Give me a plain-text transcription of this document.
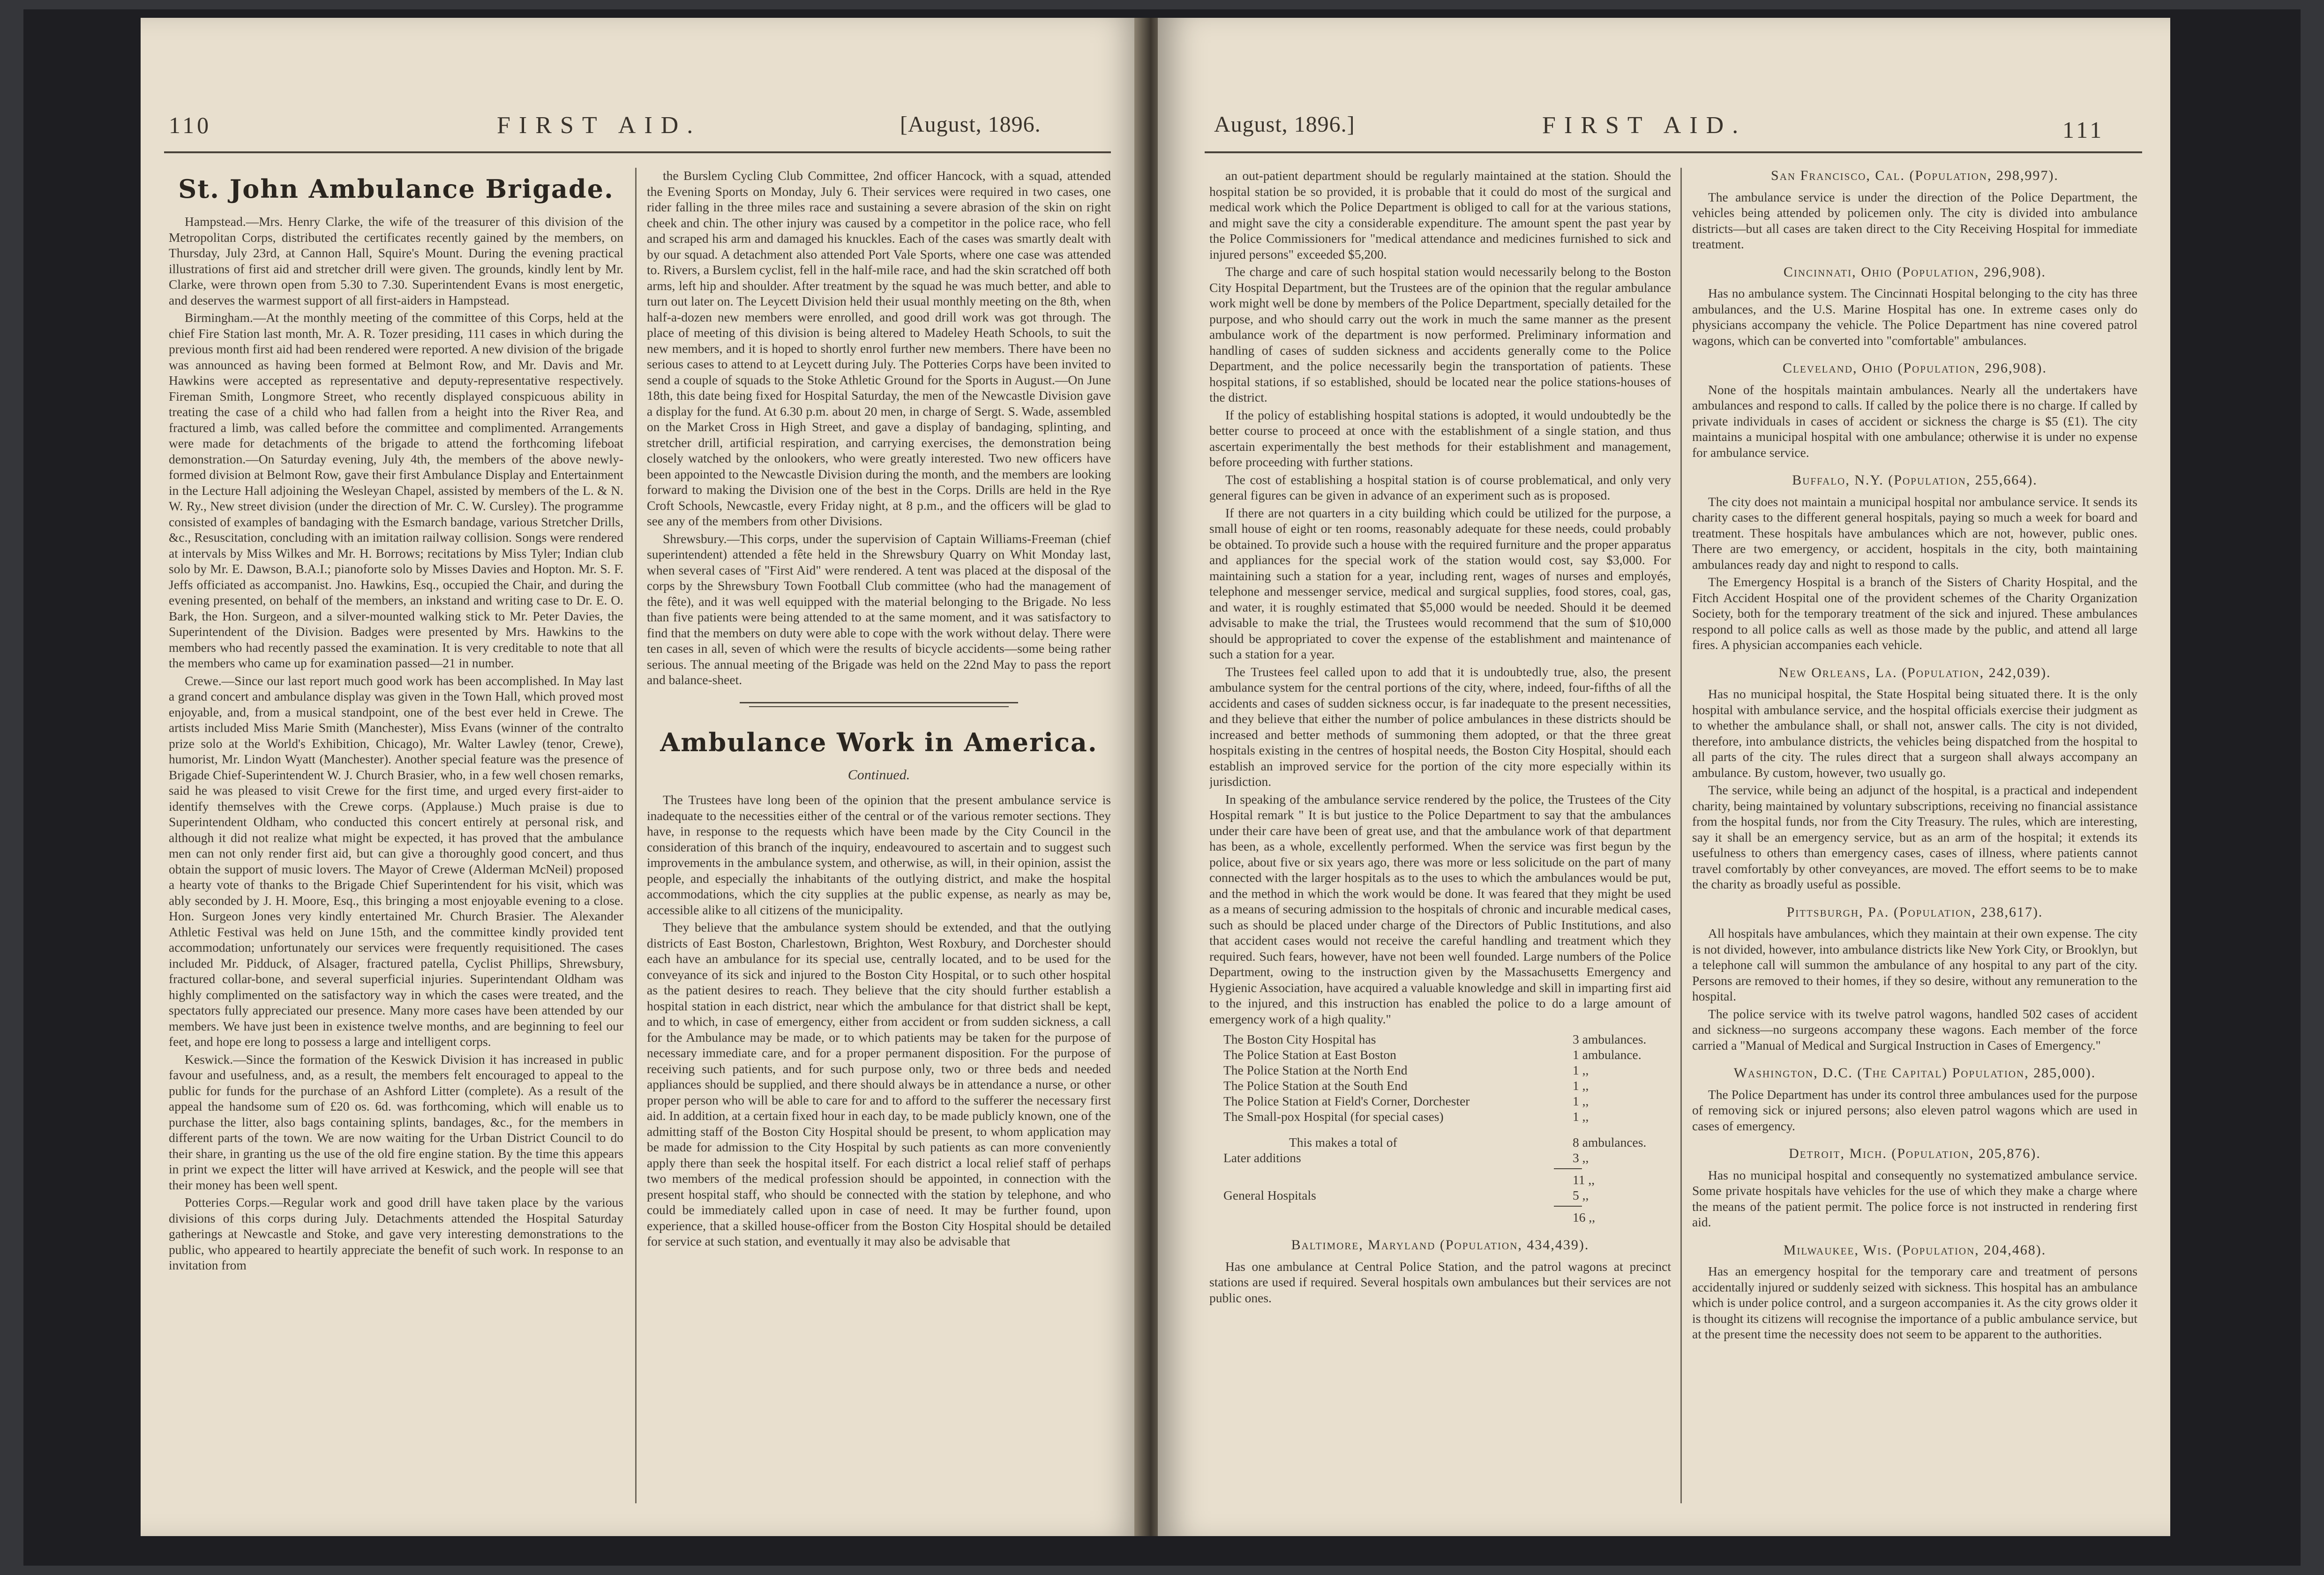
110	FIRST AID.	[August, 1896.
St. John Ambulance Brigade.

Hampstead.—Mrs. Henry Clarke, the wife of the treasurer of this division of the Metropolitan Corps, distributed the certificates recently gained by the members, on Thursday, July 23rd, at Cannon Hall, Squire's Mount. During the evening practical illustrations of first aid and stretcher drill were given. The grounds, kindly lent by Mr. Clarke, were thrown open from 5.30 to 7.30. Superintendent Evans is most energetic, and deserves the warmest support of all first-aiders in Hampstead.

Birmingham.—At the monthly meeting of the committee of this Corps, held at the chief Fire Station last month, Mr. A. R. Tozer presiding, 111 cases in which during the previous month first aid had been rendered were reported. A new division of the brigade was announced as having been formed at Belmont Row, and Mr. Davis and Mr. Hawkins were accepted as representative and deputy-representative respectively. Fireman Smith, Longmore Street, who recently displayed conspicuous ability in treating the case of a child who had fallen from a height into the River Rea, and fractured a limb, was called before the committee and complimented. Arrangements were made for detachments of the brigade to attend the forthcoming lifeboat demonstration.—On Saturday evening, July 4th, the members of the above newly-formed division at Belmont Row, gave their first Ambulance Display and Entertainment in the Lecture Hall adjoining the Wesleyan Chapel, assisted by members of the L. & N. W. Ry., New street division (under the direction of Mr. C. W. Cursley). The programme consisted of examples of bandaging with the Esmarch bandage, various Stretcher Drills, &c., Resuscitation, concluding with an imitation railway collision. Songs were rendered at intervals by Miss Wilkes and Mr. H. Borrows; recitations by Miss Tyler; Indian club solo by Mr. E. Dawson, B.A.I.; pianoforte solo by Misses Davies and Hopton. Mr. S. F. Jeffs officiated as accompanist. Jno. Hawkins, Esq., occupied the Chair, and during the evening presented, on behalf of the members, an inkstand and writing case to Dr. E. O. Bark, the Hon. Surgeon, and a silver-mounted walking stick to Mr. Peter Davies, the Superintendent of the Division. Badges were presented by Mrs. Hawkins to the members who had recently passed the examination. It is very creditable to note that all the members who came up for examination passed—21 in number.

Crewe.—Since our last report much good work has been accomplished. In May last a grand concert and ambulance display was given in the Town Hall, which proved most enjoyable, and, from a musical standpoint, one of the best ever held in Crewe. The artists included Miss Marie Smith (Manchester), Miss Evans (winner of the contralto prize solo at the World's Exhibition, Chicago), Mr. Walter Lawley (tenor, Crewe), humorist, Mr. Lindon Wyatt (Manchester). Another special feature was the presence of Brigade Chief-Superintendent W. J. Church Brasier, who, in a few well chosen remarks, said he was pleased to visit Crewe for the first time, and urged every first-aider to identify themselves with the Crewe corps. (Applause.) Much praise is due to Superintendent Oldham, who conducted this concert entirely at personal risk, and although it did not realize what might be expected, it has proved that the ambulance men can not only render first aid, but can give a thoroughly good concert, and thus obtain the support of music lovers. The Mayor of Crewe (Alderman McNeil) proposed a hearty vote of thanks to the Brigade Chief Superintendent for his visit, which was ably seconded by J. H. Moore, Esq., this bringing a most enjoyable evening to a close. Hon. Surgeon Jones very kindly entertained Mr. Church Brasier. The Alexander Athletic Festival was held on June 15th, and the committee kindly provided tent accommodation; unfortunately our services were frequently requisitioned. The cases included Mr. Pidduck, of Alsager, fractured patella, Cyclist Phillips, Shrewsbury, fractured collar-bone, and several superficial injuries. Superintendant Oldham was highly complimented on the satisfactory way in which the cases were treated, and the spectators fully appreciated our presence. Many more cases have been attended by our members. We have just been in existence twelve months, and are beginning to feel our feet, and hope ere long to possess a large and intelligent corps.

Keswick.—Since the formation of the Keswick Division it has increased in public favour and usefulness, and, as a result, the members felt encouraged to appeal to the public for funds for the purchase of an Ashford Litter (complete). As a result of the appeal the handsome sum of £20 os. 6d. was forthcoming, which will enable us to purchase the litter, also bags containing splints, bandages, &c., for the members in different parts of the town. We are now waiting for the Urban District Council to do their share, in granting us the use of the old fire engine station. By the time this appears in print we expect the litter will have arrived at Keswick, and the people will see that their money has been well spent.

Potteries Corps.—Regular work and good drill have taken place by the various divisions of this corps during July. Detachments attended the Hospital Saturday gatherings at Newcastle and Stoke, and gave very interesting demonstrations to the public, who appeared to heartily appreciate the benefit of such work. In response to an invitation from

the Burslem Cycling Club Committee, 2nd officer Hancock, with a squad, attended the Evening Sports on Monday, July 6. Their services were required in two cases, one rider falling in the three miles race and sustaining a severe abrasion of the skin on right cheek and chin. The other injury was caused by a competitor in the police race, who fell and scraped his arm and damaged his knuckles. Each of the cases was smartly dealt with by our squad. A detachment also attended Port Vale Sports, where one case was attended to. Rivers, a Burslem cyclist, fell in the half-mile race, and had the skin scratched off both arms, left hip and shoulder. After treatment by the squad he was much better, and able to turn out later on. The Leycett Division held their usual monthly meeting on the 8th, when half-a-dozen new members were enrolled, and good drill work was got through. The place of meeting of this division is being altered to Madeley Heath Schools, to suit the new members, and it is hoped to shortly enrol further new members. There have been no serious cases to attend to at Leycett during July. The Potteries Corps have been invited to send a couple of squads to the Stoke Athletic Ground for the Sports in August.—On June 18th, this date being fixed for Hospital Saturday, the men of the Newcastle Division gave a display for the fund. At 6.30 p.m. about 20 men, in charge of Sergt. S. Wade, assembled on the Market Cross in High Street, and gave a display of bandaging, splinting, and stretcher drill, artificial respiration, and carrying exercises, the demonstration being closely watched by the onlookers, who were greatly interested. Two new officers have been appointed to the Newcastle Division during the month, and the members are looking forward to making the Division one of the best in the Corps. Drills are held in the Rye Croft Schools, Newcastle, every Friday night, at 8 p.m., and the officers will be glad to see any of the members from other Divisions.

Shrewsbury.—This corps, under the supervision of Captain Williams-Freeman (chief superintendent) attended a fête held in the Shrewsbury Quarry on Whit Monday last, when several cases of "First Aid" were rendered. A tent was placed at the disposal of the corps by the Shrewsbury Town Football Club committee (who had the management of the fête), and it was well equipped with the material belonging to the Brigade. No less than five patients were being attended to at the same moment, and it was satisfactory to find that the members on duty were able to cope with the work without delay. There were ten cases in all, seven of which were the results of bicycle accidents—some being rather serious. The annual meeting of the Brigade was held on the 22nd May to pass the report and balance-sheet.

Ambulance Work in America.
Continued.

The Trustees have long been of the opinion that the present ambulance service is inadequate to the necessities either of the central or of the various remoter sections. They have, in response to the requests which have been made by the City Council in the consideration of this branch of the inquiry, endeavoured to ascertain and to suggest such improvements in the ambulance system, and otherwise, as will, in their opinion, assist the people, and especially the inhabitants of the outlying district, and make the hospital accommodations, which the city supplies at the public expense, as nearly as may be, accessible alike to all citizens of the municipality.

They believe that the ambulance system should be extended, and that the outlying districts of East Boston, Charlestown, Brighton, West Roxbury, and Dorchester should each have an ambulance for its special use, centrally located, and to be used for the conveyance of its sick and injured to the Boston City Hospital, or to such other hospital as the patient desires to reach. They believe that the city should further establish a hospital station in each district, near which the ambulance for that district shall be kept, and to which, in case of emergency, either from accident or from sudden sickness, a call for the Ambulance may be made, or to which patients may be taken for the purpose of necessary immediate care, and for a proper permanent disposition. For the purpose of receiving such patients, and for such purpose only, two or three beds and needed appliances should be supplied, and there should always be in attendance a nurse, or other proper person who will be able to care for and to afford to the sufferer the necessary first aid. In addition, at a certain fixed hour in each day, to be made publicly known, one of the admitting staff of the Boston City Hospital should be present, to whom application may be made for admission to the City Hospital by such patients as can more conveniently apply there than seek the hospital itself. For each district a local relief staff of perhaps two members of the medical profession should be appointed, in connection with the present hospital staff, who should be connected with the station by telephone, and who could be immediately called upon in case of need. It may be further found, upon experience, that a skilled house-officer from the Boston City Hospital should be detailed for service at such station, and eventually it may also be advisable that

August, 1896.]	FIRST AID.	111

an out-patient department should be regularly maintained at the station. Should the hospital station be so provided, it is probable that it could do most of the surgical and medical work which the Police Department is obliged to call for at the various stations, and might save the city a considerable expenditure. The amount spent the past year by the Police Commissioners for "medical attendance and medicines furnished to sick and injured persons" exceeded $5,200.

The charge and care of such hospital station would necessarily belong to the Boston City Hospital Department, but the Trustees are of the opinion that the regular ambulance work might well be done by members of the Police Department, specially detailed for the purpose, and who should carry out the work in much the same manner as the present ambulance work of the department is now performed. Preliminary information and handling of cases of sudden sickness and accidents generally come to the Police Department, and the police necessarily begin the transportation of patients. These hospital stations, if so established, should be located near the police stations-houses of the district.

If the policy of establishing hospital stations is adopted, it would undoubtedly be the better course to proceed at once with the establishment of a single station, and thus ascertain experimentally the best methods for their establishment and management, before proceeding with further stations.

The cost of establishing a hospital station is of course problematical, and only very general figures can be given in advance of an experiment such as is proposed.

If there are not quarters in a city building which could be utilized for the purpose, a small house of eight or ten rooms, reasonably adequate for these needs, could probably be obtained. To provide such a house with the required furniture and the proper apparatus and appliances for the special work of the station would cost, say $3,000. For maintaining such a station for a year, including rent, wages of nurses and employés, telephone and messenger service, medical and surgical supplies, food stores, coal, gas, and water, it is roughly estimated that $5,000 would be needed. Should it be deemed advisable to make the trial, the Trustees would recommend that the sum of $10,000 should be appropriated to cover the expense of the establishment and maintenance of such a station for a year.

The Trustees feel called upon to add that it is undoubtedly true, also, the present ambulance system for the central portions of the city, where, indeed, four-fifths of all the accidents and cases of sudden sickness occur, is far inadequate to the present necessities, and they believe that either the number of police ambulances in these districts should be increased and better methods of summoning them adopted, or that the three great hospitals existing in the centres of hospital needs, the Boston City Hospital, should each establish an improved service for the portion of the city more especially within its jurisdiction.

In speaking of the ambulance service rendered by the police, the Trustees of the City Hospital remark " It is but justice to the Police Department to say that the ambulances under their care have been of great use, and that the ambulance work of that department has been, as a whole, excellently performed. When the service was first begun by the police, about five or six years ago, there was more or less solicitude on the part of many connected with the larger hospitals as to the uses to which the ambulances would be put, and the method in which the work would be done. It was feared that they might be used as a means of securing admission to the hospitals of chronic and incurable medical cases, such as should be placed under charge of the Directors of Public Institutions, and also that accident cases would not receive the careful handling and treatment which they required. Such fears, however, have not been well founded. Large numbers of the Police Department, owing to the instruction given by the Massachusetts Emergency and Hygienic Association, have acquired a valuable knowledge and skill in imparting first aid to the injured, and this instruction has enabled the police to do a large amount of emergency work of a high quality."

The Boston City Hospital has	3 ambulances.
The Police Station at East Boston	1 ambulance.
The Police Station at the North End	1 ,,
The Police Station at the South End	1 ,,
The Police Station at Field's Corner, Dorchester	1 ,,
The Small-pox Hospital (for special cases)	1 ,,
This makes a total of	8 ambulances.
Later additions	3 ,,
11 ,,
General Hospitals	5 ,,
16 ,,
Baltimore, Maryland (Population, 434,439).

Has one ambulance at Central Police Station, and the patrol wagons at precinct stations are used if required. Several hospitals own ambulances but their services are not public ones.

San Francisco, Cal. (Population, 298,997).

The ambulance service is under the direction of the Police Department, the vehicles being attended by policemen only. The city is divided into ambulance districts—but all cases are taken direct to the City Receiving Hospital for immediate treatment.

Cincinnati, Ohio (Population, 296,908).

Has no ambulance system. The Cincinnati Hospital belonging to the city has three ambulances, and the U.S. Marine Hospital has one. In extreme cases only do physicians accompany the vehicle. The Police Department has nine covered patrol wagons, which can be converted into "comfortable" ambulances.

Cleveland, Ohio (Population, 296,908).

None of the hospitals maintain ambulances. Nearly all the undertakers have ambulances and respond to calls. If called by the police there is no charge. If called by private individuals in cases of accident or sickness the charge is $5 (£1). The city maintains a municipal hospital with one ambulance; otherwise it is under no expense for ambulance service.

Buffalo, N.Y. (Population, 255,664).

The city does not maintain a municipal hospital nor ambulance service. It sends its charity cases to the different general hospitals, paying so much a week for board and treatment. These hospitals have ambulances which are not, however, public ones. There are two emergency, or accident, hospitals in the city, both maintaining ambulances ready day and night to respond to calls.

The Emergency Hospital is a branch of the Sisters of Charity Hospital, and the Fitch Accident Hospital one of the provident schemes of the Charity Organization Society, both for the temporary treatment of the sick and injured. These ambulances respond to all police calls as well as those made by the public, and attend all large fires. A physician accompanies each vehicle.

New Orleans, La. (Population, 242,039).

Has no municipal hospital, the State Hospital being situated there. It is the only hospital with ambulance service, and the hospital officials exercise their judgment as to whether the ambulance shall, or shall not, answer calls. The city is not divided, therefore, into ambulance districts, the vehicles being dispatched from the hospital to all parts of the city. The rules direct that a surgeon shall always accompany an ambulance. By custom, however, two usually go.

The service, while being an adjunct of the hospital, is a practical and independent charity, being maintained by voluntary subscriptions, receiving no financial assistance from the hospital funds, nor from the City Treasury. The rules, which are interesting, say it shall be an emergency service, but as an arm of the hospital; it extends its usefulness to others than emergency cases, cases of illness, where patients cannot travel comfortably by other conveyances, are moved. The effort seems to be to make the charity as broadly useful as possible.

Pittsburgh, Pa. (Population, 238,617).

All hospitals have ambulances, which they maintain at their own expense. The city is not divided, however, into ambulance districts like New York City, or Brooklyn, but a telephone call will summon the ambulance of any hospital to any part of the city. Persons are removed to their homes, if they so desire, without any remuneration to the hospital.

The police service with its twelve patrol wagons, handled 502 cases of accident and sickness—no surgeons accompany these wagons. Each member of the force carried a "Manual of Medical and Surgical Instruction in Cases of Emergency."

Washington, D.C. (The Capital) Population, 285,000).

The Police Department has under its control three ambulances used for the purpose of removing sick or injured persons; also eleven patrol wagons which are used in cases of emergency.

Detroit, Mich. (Population, 205,876).

Has no municipal hospital and consequently no systematized ambulance service. Some private hospitals have vehicles for the use of which they make a charge where the means of the patient permit. The police force is not instructed in rendering first aid.

Milwaukee, Wis. (Population, 204,468).

Has an emergency hospital for the temporary care and treatment of persons accidentally injured or suddenly seized with sickness. This hospital has an ambulance which is under police control, and a surgeon accompanies it. As the city grows older it is thought its citizens will recognise the importance of a public ambulance service, but at the present time the necessity does not seem to be apparent to the authorities.
